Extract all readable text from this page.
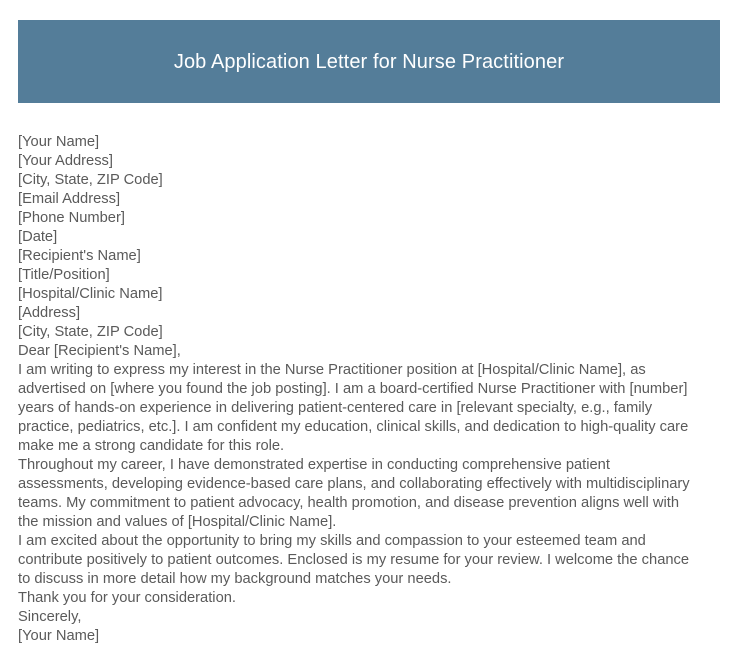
Job Application Letter for Nurse Practitioner
[Your Name]
[Your Address]
[City, State, ZIP Code]
[Email Address]
[Phone Number]
[Date]
[Recipient's Name]
[Title/Position]
[Hospital/Clinic Name]
[Address]
[City, State, ZIP Code]
Dear [Recipient's Name],

I am writing to express my interest in the Nurse Practitioner position at [Hospital/Clinic Name], as advertised on [where you found the job posting]. I am a board-certified Nurse Practitioner with [number] years of hands-on experience in delivering patient-centered care in [relevant specialty, e.g., family practice, pediatrics, etc.]. I am confident my education, clinical skills, and dedication to high-quality care make me a strong candidate for this role.

Throughout my career, I have demonstrated expertise in conducting comprehensive patient assessments, developing evidence-based care plans, and collaborating effectively with multidisciplinary teams. My commitment to patient advocacy, health promotion, and disease prevention aligns well with the mission and values of [Hospital/Clinic Name].

I am excited about the opportunity to bring my skills and compassion to your esteemed team and contribute positively to patient outcomes. Enclosed is my resume for your review. I welcome the chance to discuss in more detail how my background matches your needs.

Thank you for your consideration.

Sincerely,
[Your Name]
